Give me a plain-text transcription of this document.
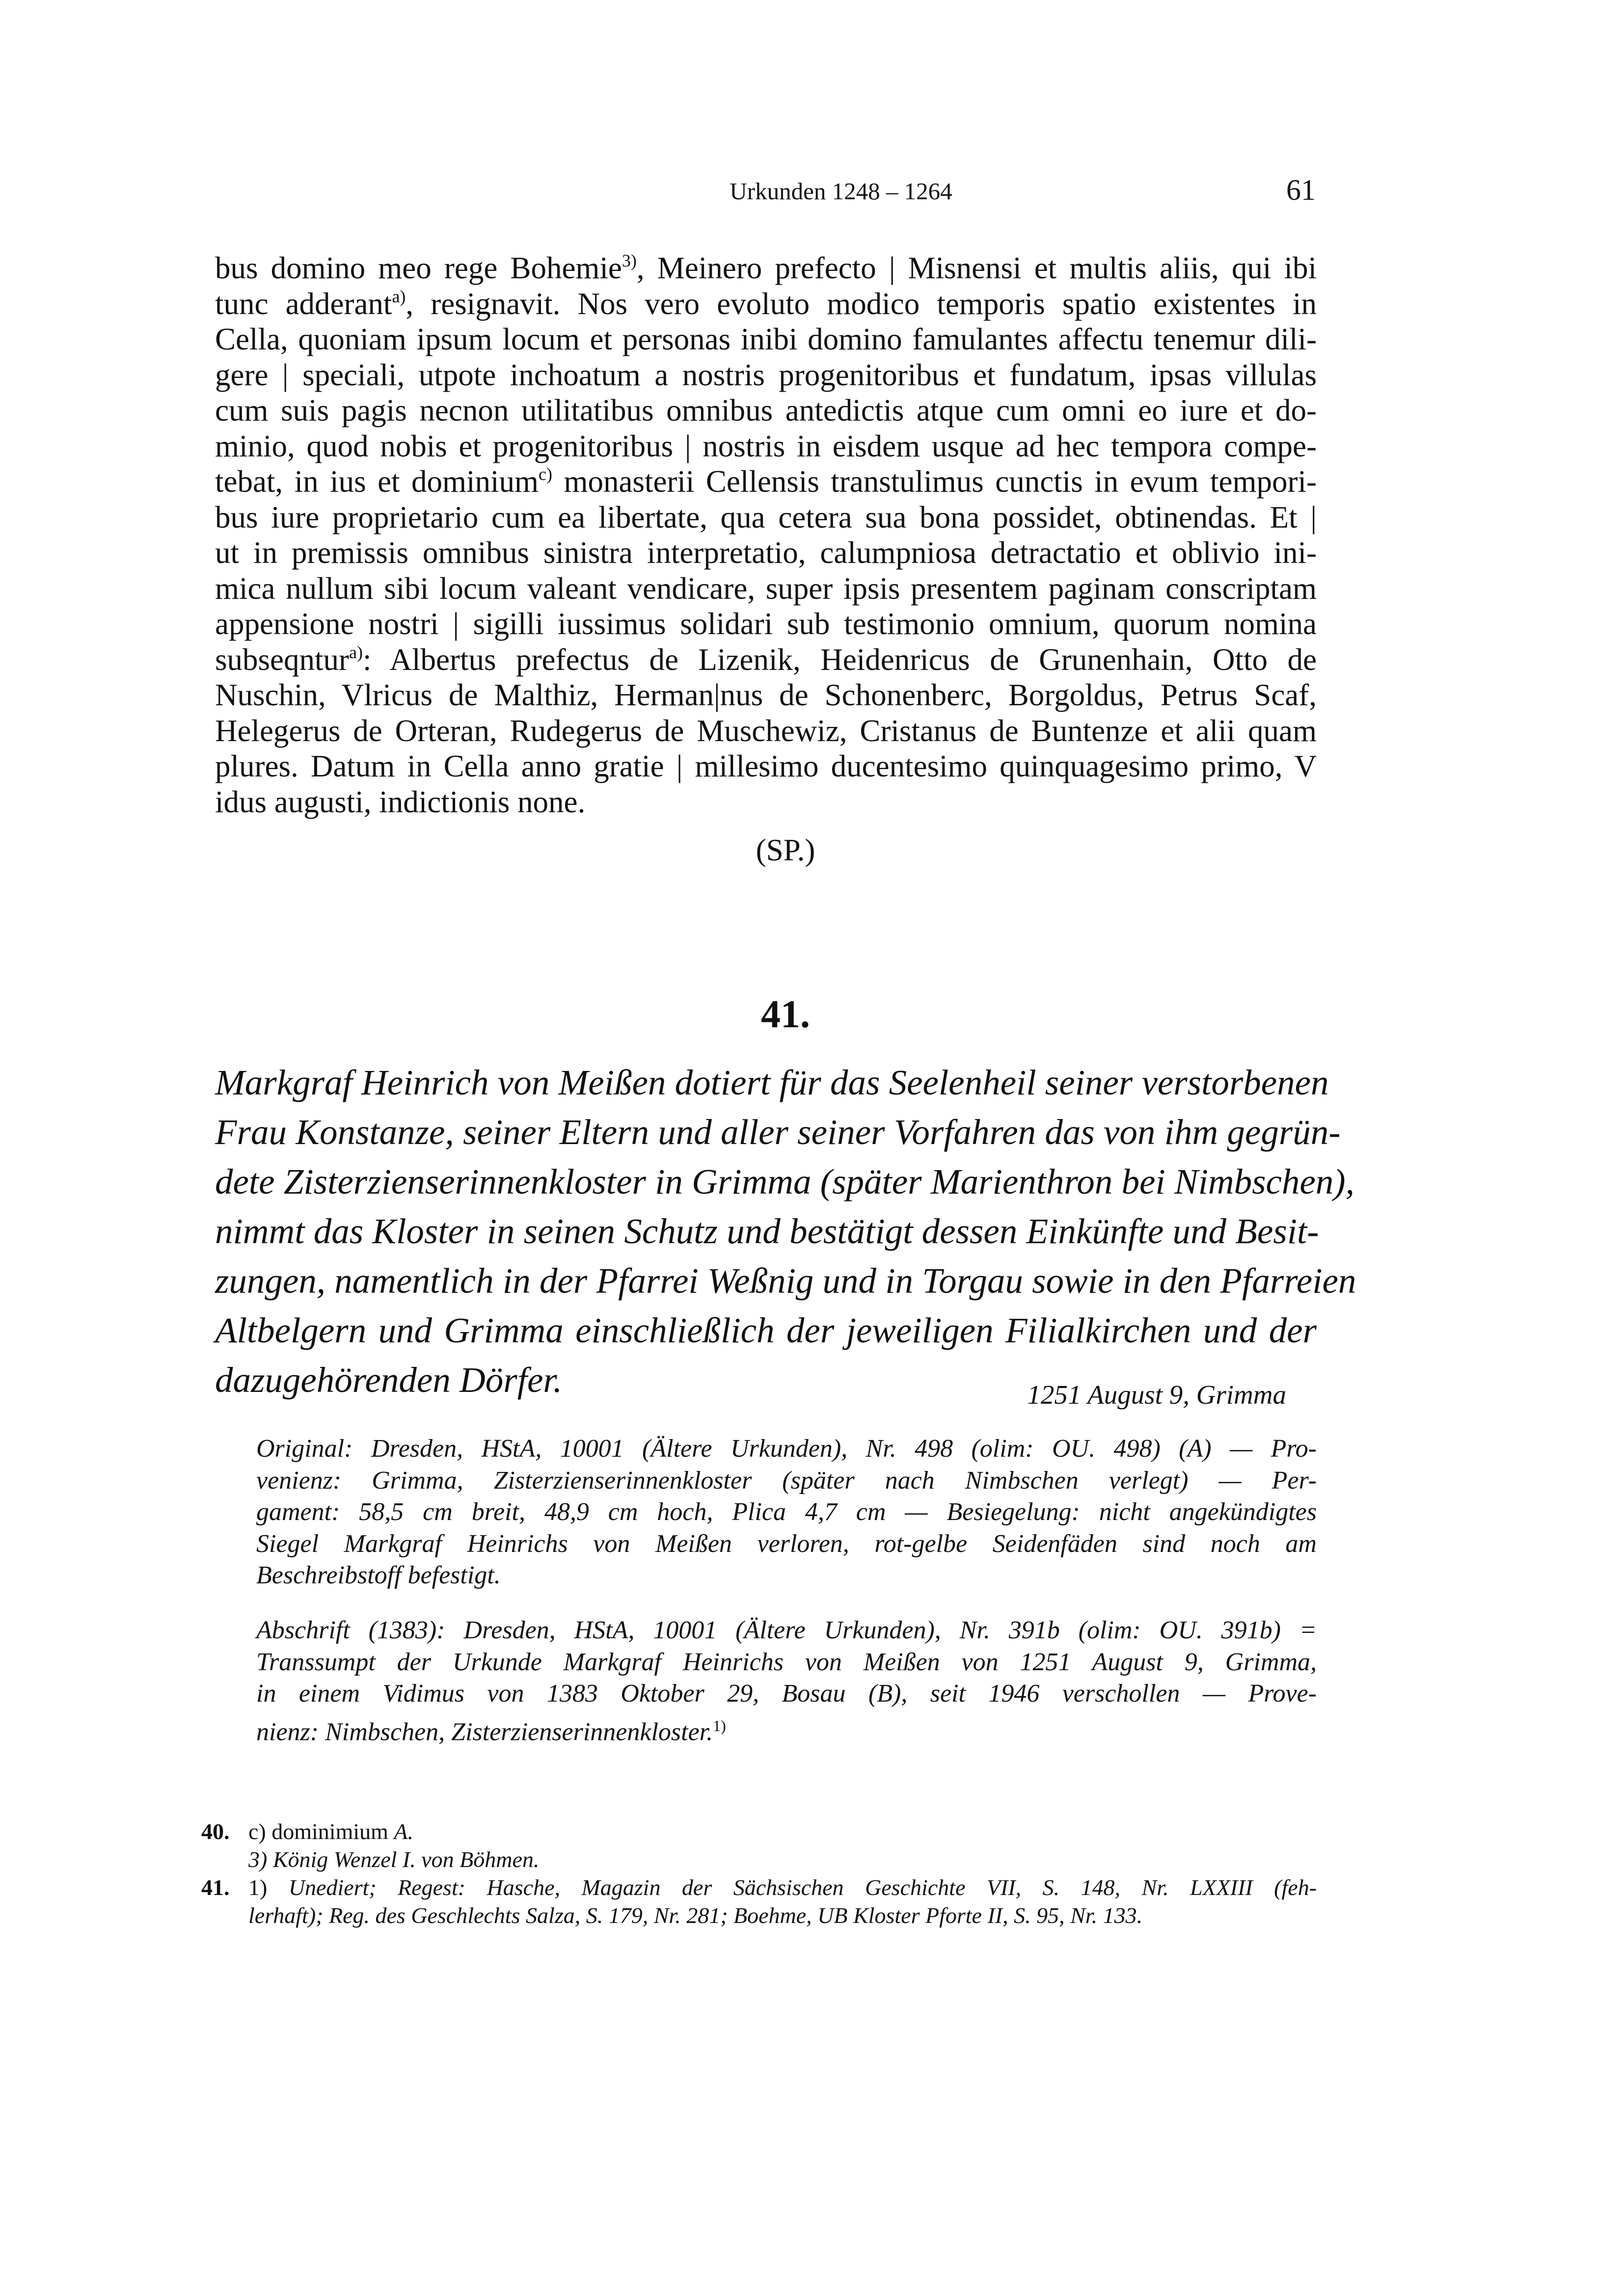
Urkunden 1248 – 1264	61
bus domino meo rege Bohemie$^{3)}$, Meinero prefecto | Misnensi et multis aliis, qui ibi
tunc adderant$^{a)}$, resignavit. Nos vero evoluto modico temporis spatio existentes in
Cella, quoniam ipsum locum et personas inibi domino famulantes affectu tenemur dili-
gere | speciali, utpote inchoatum a nostris progenitoribus et fundatum, ipsas villulas
cum suis pagis necnon utilitatibus omnibus antedictis atque cum omni eo iure et do-
minio, quod nobis et progenitoribus | nostris in eisdem usque ad hec tempora compe-
tebat, in ius et dominium$^{c)}$ monasterii Cellensis transtulimus cunctis in evum tempori-
bus iure proprietario cum ea libertate, qua cetera sua bona possidet, obtinendas. Et |
ut in premissis omnibus sinistra interpretatio, calumpniosa detractatio et oblivio ini-
mica nullum sibi locum valeant vendicare, super ipsis presentem paginam conscriptam
appensione nostri | sigilli iussimus solidari sub testimonio omnium, quorum nomina
subseq​ntur$^{a)}$: Albertus prefectus de Lizenik, Heidenricus de Grunenhain, Otto de
Nuschin, Vlricus de Malthiz, Herman|nus de Schonenberc, Borgoldus, Petrus Scaf,
Helegerus de Orteran, Rudegerus de Muschewiz, Cristanus de Buntenze et alii quam
plures. Datum in Cella anno gratie | millesimo ducentesimo quinquagesimo primo, V
idus augusti, indictionis none.
(SP.)
41.
Markgraf Heinrich von Meißen dotiert für das Seelenheil seiner verstorbenen
Frau Konstanze, seiner Eltern und aller seiner Vorfahren das von ihm gegrün-
dete Zisterzienserinnenkloster in Grimma (später Marienthron bei Nimbschen),
nimmt das Kloster in seinen Schutz und bestätigt dessen Einkünfte und Besit-
zungen, namentlich in der Pfarrei Weßnig und in Torgau sowie in den Pfarreien
Altbelgern und Grimma einschließlich der jeweiligen Filialkirchen und der
dazugehörenden Dörfer.	1251 August 9, Grimma
Original: Dresden, HStA, 10001 (Ältere Urkunden), Nr. 498 (olim: OU. 498) (A) — Pro-
venienz: Grimma, Zisterzienserinnenkloster (später nach Nimbschen verlegt) — Per-
gament: 58,5 cm breit, 48,9 cm hoch, Plica 4,7 cm — Besiegelung: nicht angekündigtes
Siegel Markgraf Heinrichs von Meißen verloren, rot-gelbe Seidenfäden sind noch am
Beschreibstoff befestigt.
Abschrift (1383): Dresden, HStA, 10001 (Ältere Urkunden), Nr. 391b (olim: OU. 391b) =
Transsumpt der Urkunde Markgraf Heinrichs von Meißen von 1251 August 9, Grimma,
in einem Vidimus von 1383 Oktober 29, Bosau (B), seit 1946 verschollen — Prove-
nienz: Nimbschen, Zisterzienserinnenkloster.$^{1)}$
40. c) dominimium A.
3) König Wenzel I. von Böhmen.
41. 1) Unediert; Regest: Hasche, Magazin der Sächsischen Geschichte VII, S. 148, Nr. LXXIII (feh-
lerhaft); Reg. des Geschlechts Salza, S. 179, Nr. 281; Boehme, UB Kloster Pforte II, S. 95, Nr. 133.
